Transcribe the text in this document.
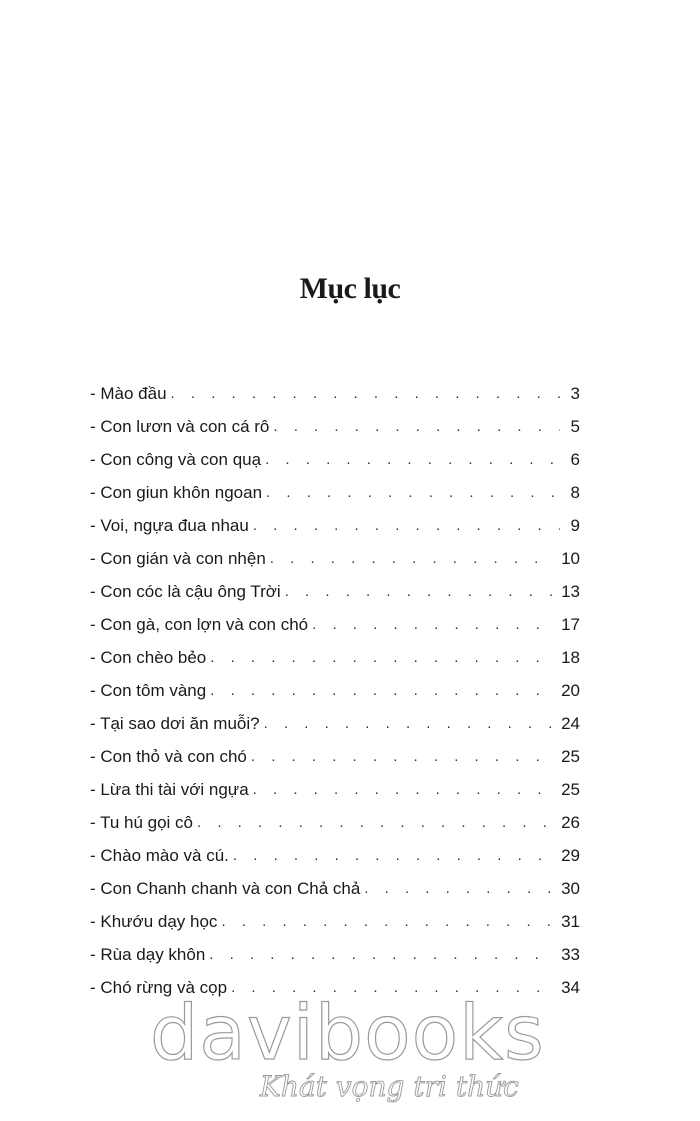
Mục lục
- Mào đầu . . .	3
- Con lươn và con cá rô . . .	5
- Con công và con quạ . . .	6
- Con giun khôn ngoan . . .	8
- Voi, ngựa đua nhau . . .	9
- Con gián và con nhện . . .	10
- Con cóc là cậu ông Trời . . .	13
- Con gà, con lợn và con chó . . .	17
- Con chèo bẻo . . .	18
- Con tôm vàng . . .	20
- Tại sao dơi ăn muỗi? . . .	24
- Con thỏ và con chó . . .	25
- Lừa thi tài với ngựa . . .	25
- Tu hú gọi cô . . .	26
- Chào mào và cú. . . .	29
- Con Chanh chanh và con Chả chả . . .	30
- Khướu dạy học . . .	31
- Rùa dạy khôn . . .	33
- Chó rừng và cọp . . .	34
davibooks
Khát vọng tri thức
